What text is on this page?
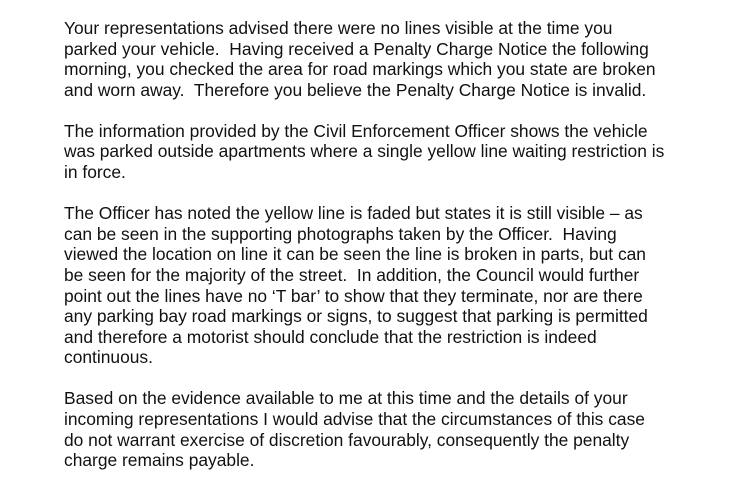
Your representations advised there were no lines visible at the time you
parked your vehicle.  Having received a Penalty Charge Notice the following
morning, you checked the area for road markings which you state are broken
and worn away.  Therefore you believe the Penalty Charge Notice is invalid.

The information provided by the Civil Enforcement Officer shows the vehicle
was parked outside apartments where a single yellow line waiting restriction is
in force.

The Officer has noted the yellow line is faded but states it is still visible – as
can be seen in the supporting photographs taken by the Officer.  Having
viewed the location on line it can be seen the line is broken in parts, but can
be seen for the majority of the street.  In addition, the Council would further
point out the lines have no ‘T bar’ to show that they terminate, nor are there
any parking bay road markings or signs, to suggest that parking is permitted
and therefore a motorist should conclude that the restriction is indeed
continuous.

Based on the evidence available to me at this time and the details of your
incoming representations I would advise that the circumstances of this case
do not warrant exercise of discretion favourably, consequently the penalty
charge remains payable.
